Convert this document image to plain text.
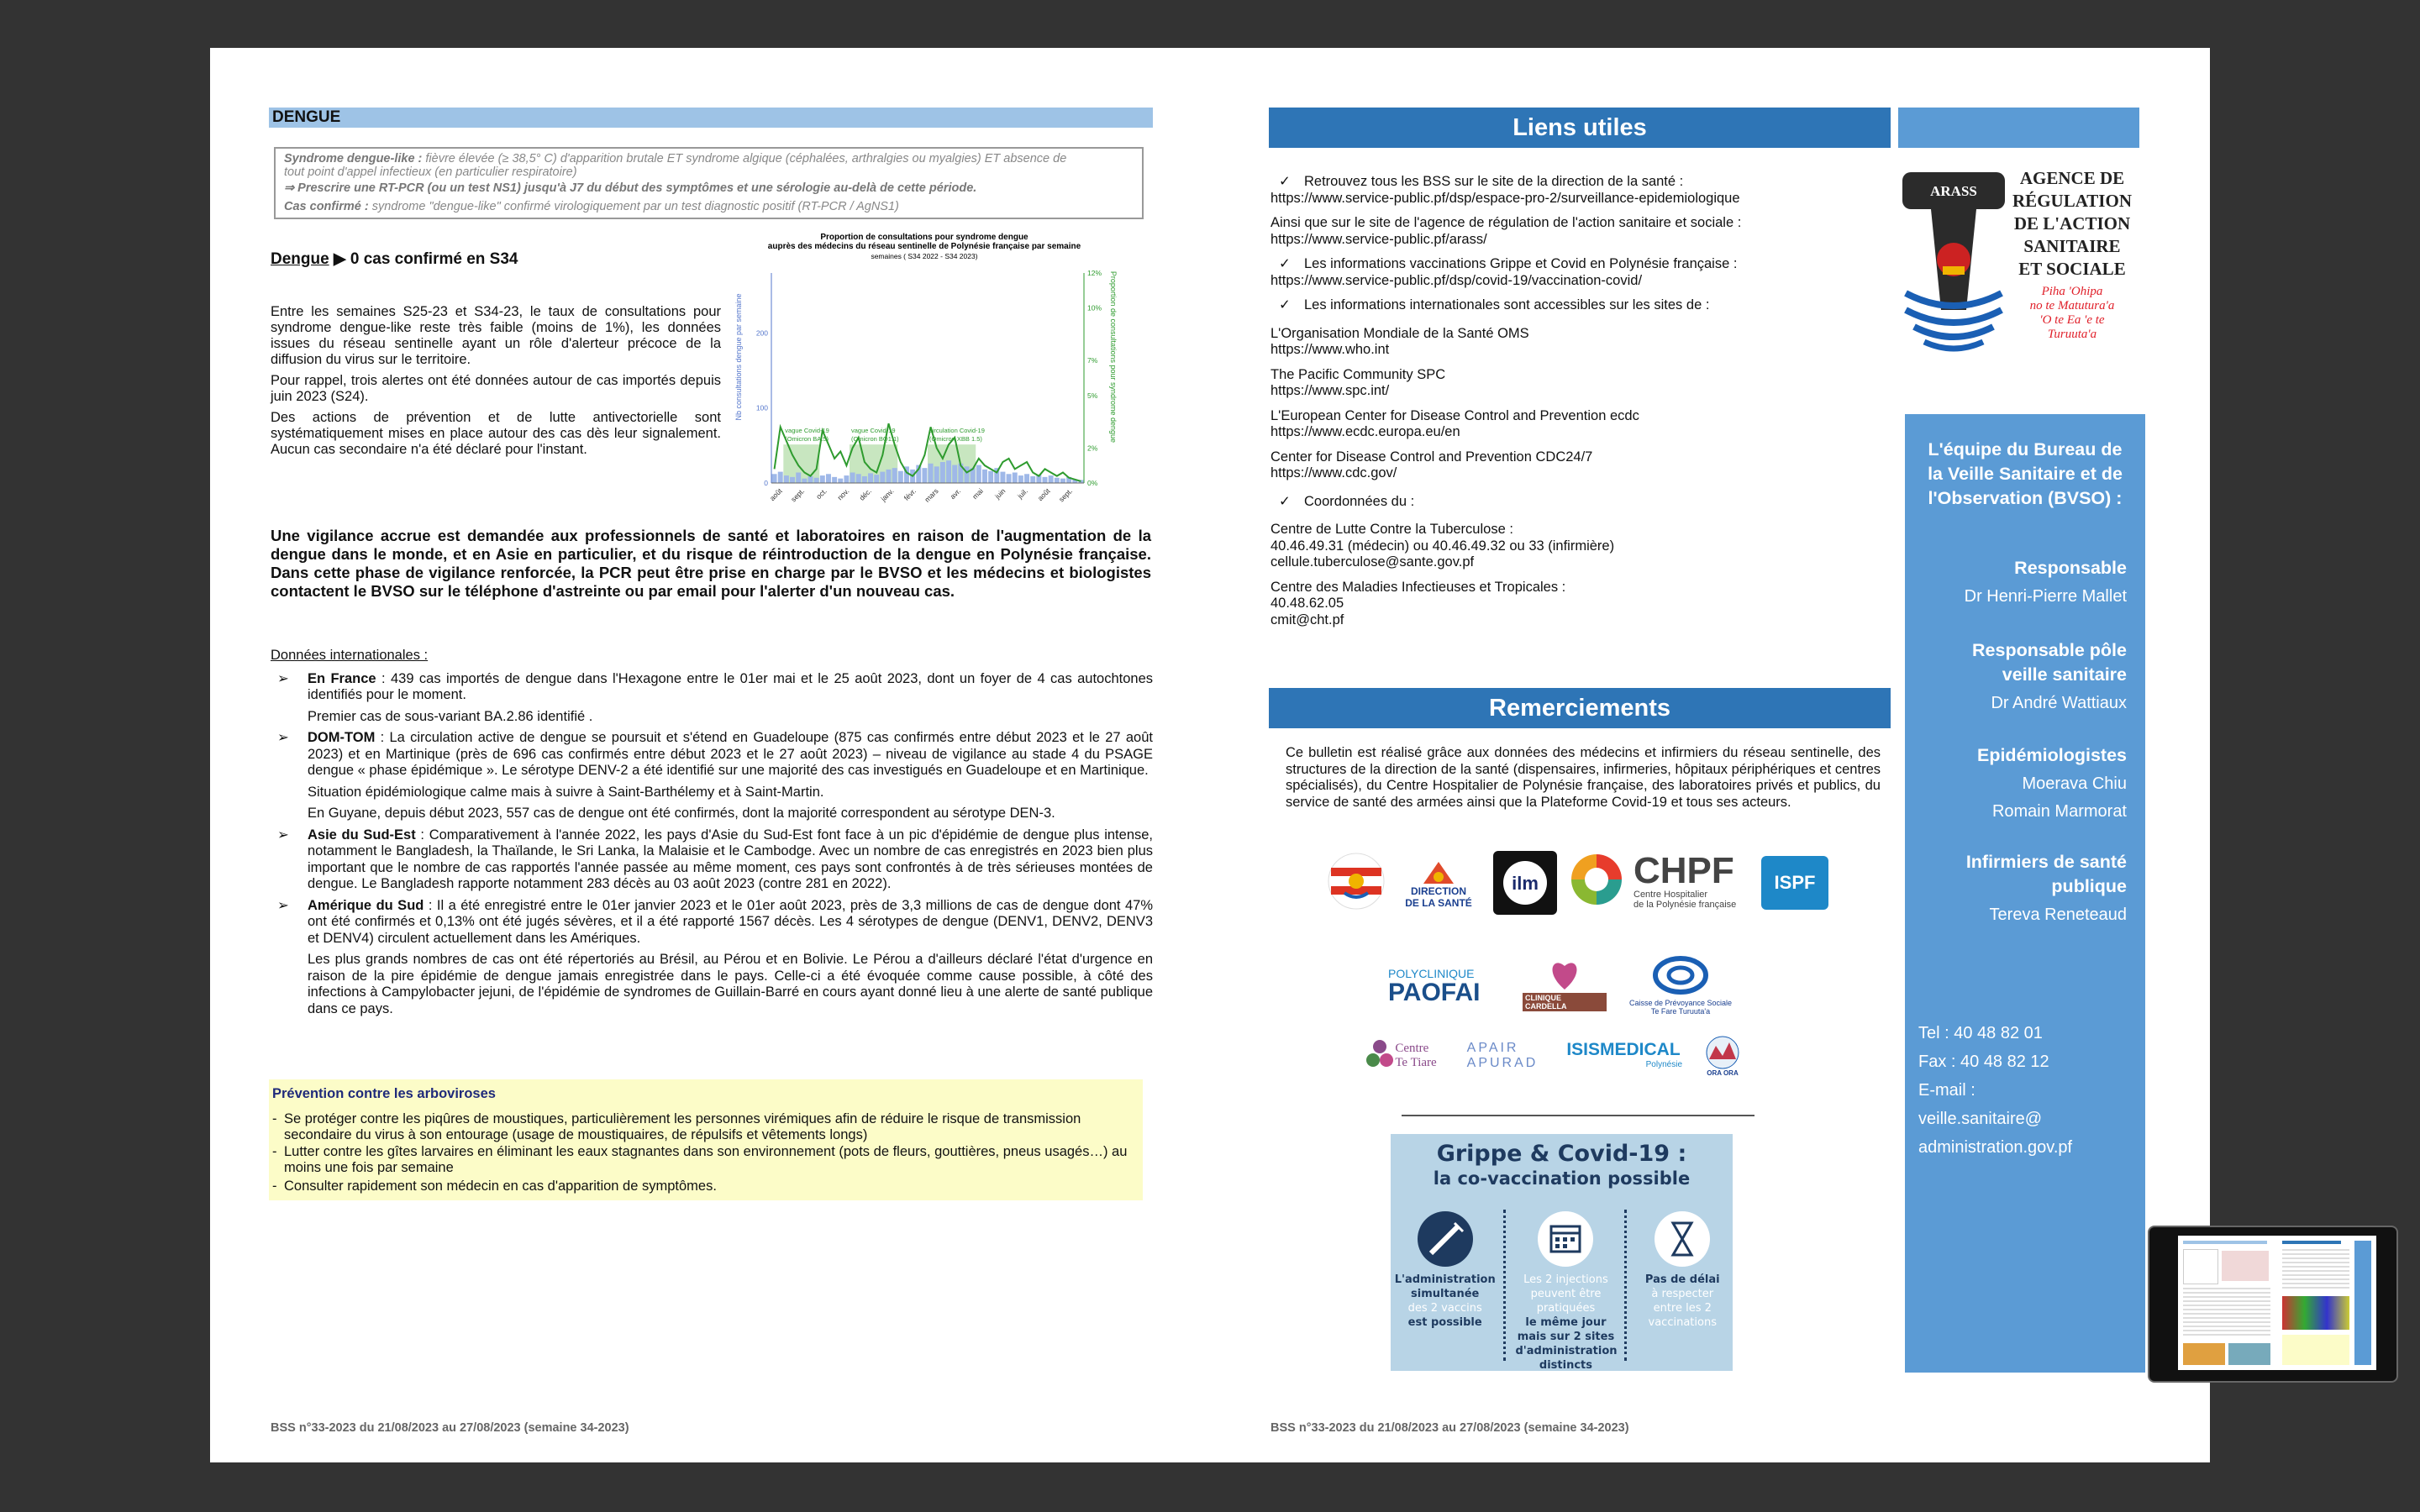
DENGUE
Syndrome dengue-like : fièvre élevée (≥ 38,5° C) d'apparition brutale ET syndrome algique (céphalées, arthralgies ou myalgies) ET absence de
tout point d'appel infectieux (en particulier respiratoire)
⇒ Prescrire une RT-PCR (ou un test NS1) jusqu'à J7 du début des symptômes et une sérologie au-delà de cette période.
Cas confirmé : syndrome "dengue-like" confirmé virologiquement par un test diagnostic positif (RT-PCR / AgNS1)
Dengue ▶ 0 cas confirmé en S34

Entre les semaines S25-23 et S34-23, le taux de consultations pour syndrome dengue-like reste très faible (moins de 1%), les données issues du réseau sentinelle ayant un rôle d'alerteur précoce de la diffusion du virus sur le territoire.

Pour rappel, trois alertes ont été données autour de cas importés depuis juin 2023 (S24).

Des actions de prévention et de lutte antivectorielle sont systématiquement mises en place autour des cas dès leur signalement. Aucun cas secondaire n'a été déclaré pour l'instant.

Proportion de consultations pour syndrome dengue
auprès des médecins du réseau sentinelle de Polynésie française par semaine
semaines ( S34 2022 - S34 2023)
Nb consultations dengue par semaine	Proportion de consultations pour syndrome dengue
vague Covid-19
(Omicron BA.5)
vague Covid-19
(Omicron BQ1.1)
circulation Covid-19
(Omicron XBB 1.5)
0
100
200
0%
2%
5%
7%
10%
12%
août sept. oct. nov. déc. janv. févr. mars avr. mai juin juil. août sept.
Une vigilance accrue est demandée aux professionnels de santé et laboratoires en raison de l'augmentation de la dengue dans le monde, et en Asie en particulier, et du risque de réintroduction de la dengue en Polynésie française. Dans cette phase de vigilance renforcée, la PCR peut être prise en charge par le BVSO et les médecins et biologistes contactent le BVSO sur le téléphone d'astreinte ou par email pour l'alerter d'un nouveau cas.
Données internationales :
➢ En France : 439 cas importés de dengue dans l'Hexagone entre le 01er mai et le 25 août 2023, dont un foyer de 4 cas autochtones identifiés pour le moment.
Premier cas de sous-variant BA.2.86 identifié .
➢ DOM-TOM : La circulation active de dengue se poursuit et s'étend en Guadeloupe (875 cas confirmés entre début 2023 et le 27 août 2023) et en Martinique (près de 696 cas confirmés entre début 2023 et le 27 août 2023) – niveau de vigilance au stade 4 du PSAGE dengue « phase épidémique ». Le sérotype DENV-2 a été identifié sur une majorité des cas investigués en Guadeloupe et en Martinique.
Situation épidémiologique calme mais à suivre à Saint-Barthélemy et à Saint-Martin.
En Guyane, depuis début 2023, 557 cas de dengue ont été confirmés, dont la majorité correspondent au sérotype DEN-3.
➢ Asie du Sud-Est : Comparativement à l'année 2022, les pays d'Asie du Sud-Est font face à un pic d'épidémie de dengue plus intense, notamment le Bangladesh, la Thaïlande, le Sri Lanka, la Malaisie et le Cambodge. Avec un nombre de cas enregistrés en 2023 bien plus important que le nombre de cas rapportés l'année passée au même moment, ces pays sont confrontés à de très sérieuses montées de dengue. Le Bangladesh rapporte notamment 283 décès au 03 août 2023 (contre 281 en 2022).
➢ Amérique du Sud : Il a été enregistré entre le 01er janvier 2023 et le 01er août 2023, près de 3,3 millions de cas de dengue dont 47% ont été confirmés et 0,13% ont été jugés sévères, et il a été rapporté 1567 décès. Les 4 sérotypes de dengue (DENV1, DENV2, DENV3 et DENV4) circulent actuellement dans les Amériques.
Les plus grands nombres de cas ont été répertoriés au Brésil, au Pérou et en Bolivie. Le Pérou a d'ailleurs déclaré l'état d'urgence en raison de la pire épidémie de dengue jamais enregistrée dans le pays. Celle-ci a été évoquée comme cause possible, à côté des infections à Campylobacter jejuni, de l'épidémie de syndromes de Guillain-Barré en cours ayant donné lieu à une alerte de santé publique dans ce pays.
Prévention contre les arboviroses
- Se protéger contre les piqûres de moustiques, particulièrement les personnes virémiques afin de réduire le risque de transmission secondaire du virus à son entourage (usage de moustiquaires, de répulsifs et vêtements longs)
- Lutter contre les gîtes larvaires en éliminant les eaux stagnantes dans son environnement (pots de fleurs, gouttières, pneus usagés…) au moins une fois par semaine
- Consulter rapidement son médecin en cas d'apparition de symptômes.
BSS n°33-2023 du 21/08/2023 au 27/08/2023 (semaine 34-2023)
Liens utiles
✓ Retrouvez tous les BSS sur le site de la direction de la santé :
https://www.service-public.pf/dsp/espace-pro-2/surveillance-epidemiologique
Ainsi que sur le site de l'agence de régulation de l'action sanitaire et sociale :
https://www.service-public.pf/arass/
✓ Les informations vaccinations Grippe et Covid en Polynésie française :
https://www.service-public.pf/dsp/covid-19/vaccination-covid/
✓ Les informations internationales sont accessibles sur les sites de :
L'Organisation Mondiale de la Santé OMS
https://www.who.int
The Pacific Community SPC
https://www.spc.int/
L'European Center for Disease Control and Prevention ecdc
https://www.ecdc.europa.eu/en
Center for Disease Control and Prevention CDC24/7
https://www.cdc.gov/
✓ Coordonnées du :
Centre de Lutte Contre la Tuberculose :
40.46.49.31 (médecin) ou 40.46.49.32 ou 33 (infirmière)
cellule.tuberculose@sante.gov.pf
Centre des Maladies Infectieuses et Tropicales :
40.48.62.05
cmit@cht.pf
Remerciements
Ce bulletin est réalisé grâce aux données des médecins et infirmiers du réseau sentinelle, des structures de la direction de la santé (dispensaires, infirmeries, hôpitaux périphériques et centres spécialisés), du Centre Hospitalier de Polynésie française, des laboratoires privés et publics, du service de santé des armées ainsi que la Plateforme Covid-19 et tous ses acteurs.
DIRECTION
DE LA SANTÉ
ilm	CHPF
Centre Hospitalier
de la Polynésie française
ISPF
POLYCLINIQUE
PAOFAI	CLINIQUE CARDELLA	Caisse de Prévoyance Sociale
Te Fare Turuuta'a
Centre
Te Tiare
APAIR
APURAD
ISISMEDICAL
Polynésie
ORA ORA
Grippe & Covid-19 :
la co-vaccination possible
L'administration simultanée
des 2 vaccins
est possible
Les 2 injections peuvent être pratiquées
le même jour
mais sur 2 sites d'administration distincts
Pas de délai
à respecter entre les 2 vaccinations
BSS n°33-2023 du 21/08/2023 au 27/08/2023 (semaine 34-2023)
ARASS
AGENCE DE
RÉGULATION
DE L'ACTION
SANITAIRE
ET SOCIALE
Piha 'Ohipa
no te Matutura'a
'O te Ea 'e te
Turuuta'a
L'équipe du Bureau de la Veille Sanitaire et de l'Observation (BVSO) :
Responsable
Dr Henri-Pierre Mallet
Responsable pôle veille sanitaire
Dr André Wattiaux
Epidémiologistes
Moerava Chiu
Romain Marmorat
Infirmiers de santé publique
Tereva Reneteaud
Tel : 40 48 82 01
Fax : 40 48 82 12
E-mail :
veille.sanitaire@
administration.gov.pf
